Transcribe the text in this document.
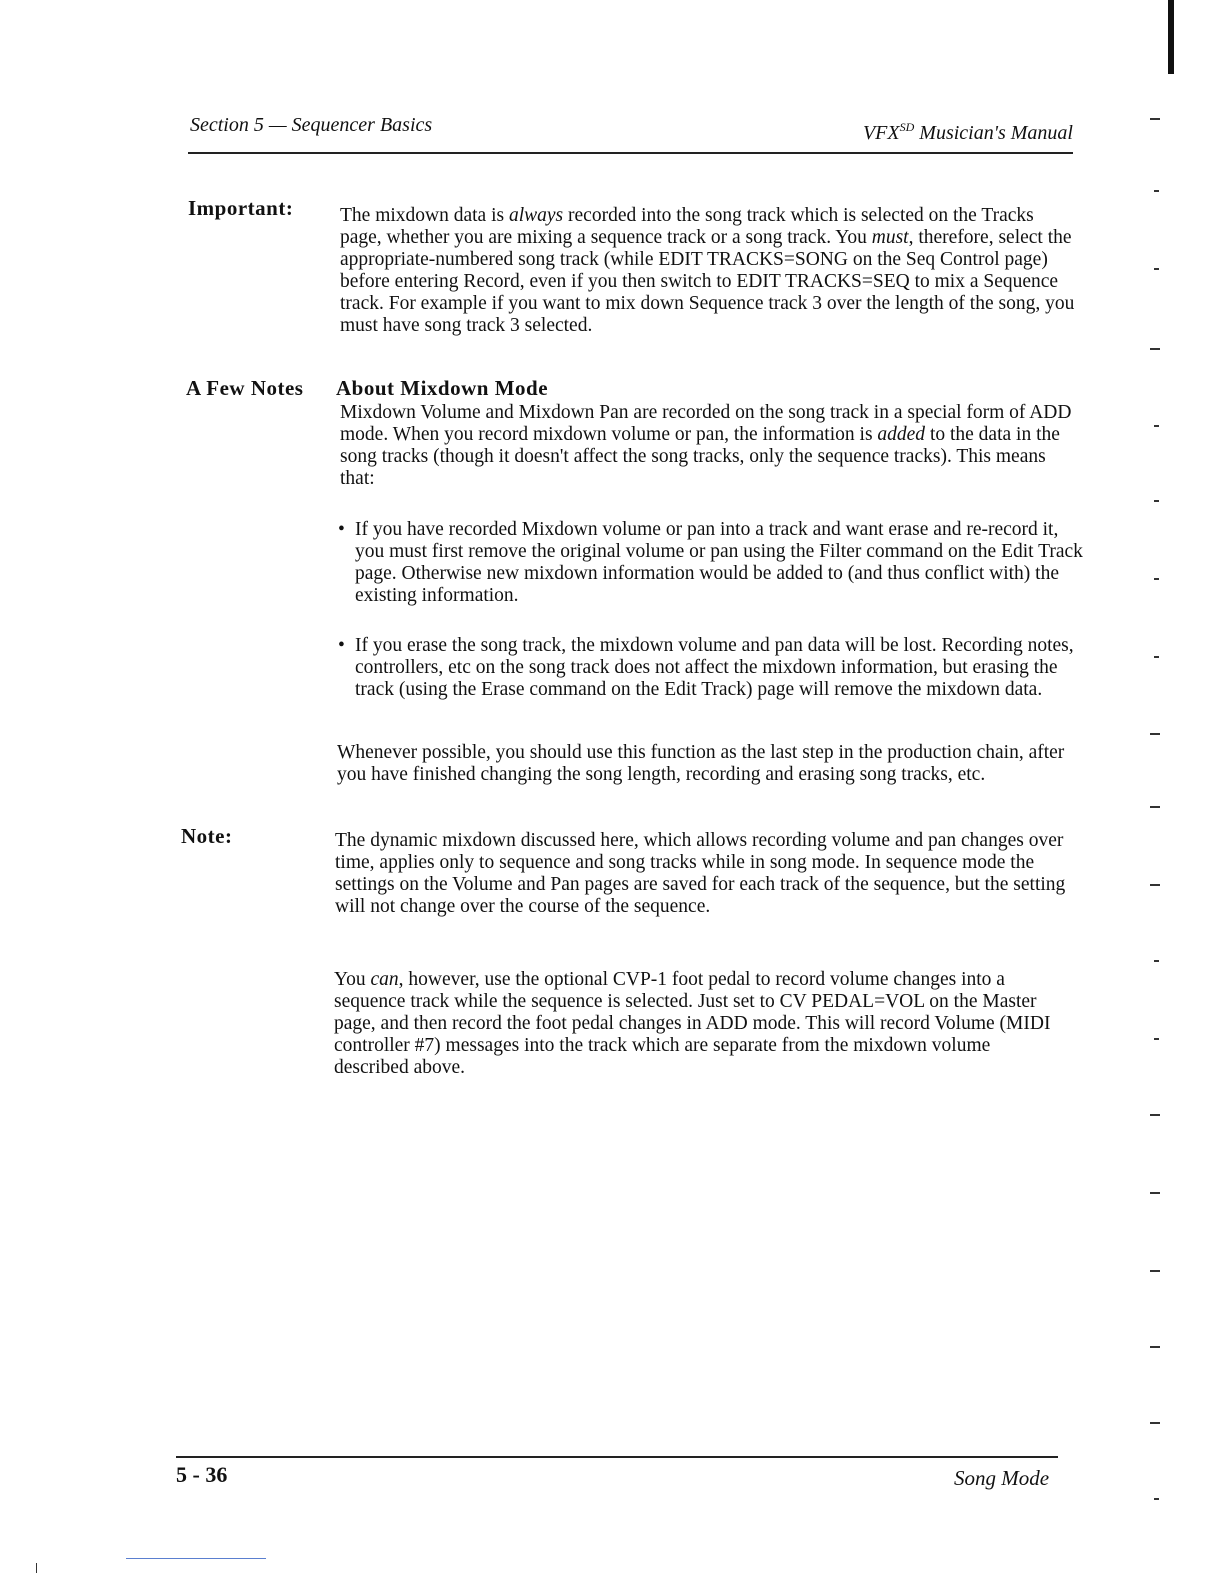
Section 5 — Sequencer Basics	$VFX^{SD}$ Musician's Manual
Important: The mixdown data is always recorded into the song track which is selected on the Tracks page, whether you are mixing a sequence track or a song track. You must, therefore, select the appropriate-numbered song track (while EDIT TRACKS=SONG on the Seq Control page) before entering Record, even if you then switch to EDIT TRACKS=SEQ to mix a Sequence track. For example if you want to mix down Sequence track 3 over the length of the song, you must have song track 3 selected.

A Few Notes About Mixdown Mode

Mixdown Volume and Mixdown Pan are recorded on the song track in a special form of ADD mode. When you record mixdown volume or pan, the information is added to the data in the song tracks (though it doesn't affect the song tracks, only the sequence tracks). This means that:

• If you have recorded Mixdown volume or pan into a track and want erase and re-record it, you must first remove the original volume or pan using the Filter command on the Edit Track page. Otherwise new mixdown information would be added to (and thus conflict with) the existing information.
• If you erase the song track, the mixdown volume and pan data will be lost. Recording notes, controllers, etc on the song track does not affect the mixdown information, but erasing the track (using the Erase command on the Edit Track) page will remove the mixdown data.

Whenever possible, you should use this function as the last step in the production chain, after you have finished changing the song length, recording and erasing song tracks, etc.

Note:	The dynamic mixdown discussed here, which allows recording volume and pan changes over time, applies only to sequence and song tracks while in song mode. In sequence mode the settings on the Volume and Pan pages are saved for each track of the sequence, but the setting will not change over the course of the sequence.

You can, however, use the optional CVP-1 foot pedal to record volume changes into a sequence track while the sequence is selected. Just set to CV PEDAL=VOL on the Master page, and then record the foot pedal changes in ADD mode. This will record Volume (MIDI controller #7) messages into the track which are separate from the mixdown volume described above.

5 - 36	Song Mode
